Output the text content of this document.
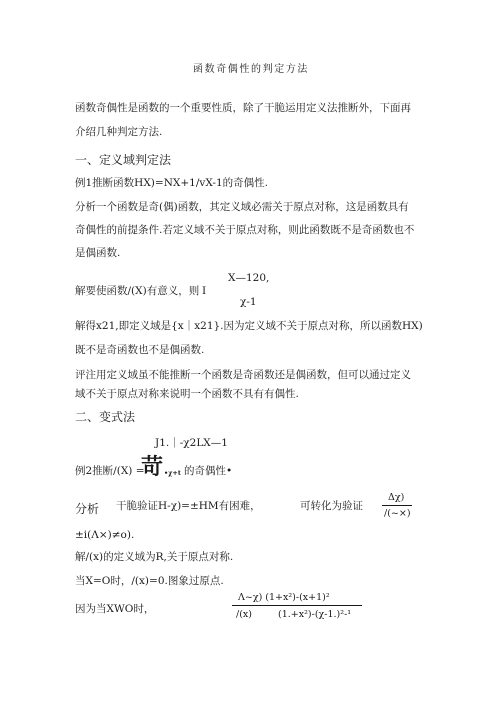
函数奇偶性的判定方法
函数奇偶性是函数的一个重要性质，除了干脆运用定义法推断外，下面再
介绍几种判定方法.
一、定义域判定法
例1推断函数HX)=NX+1/vX-1的奇偶性.
分析一个函数是奇(偶)函数，其定义域必需关于原点对称，这是函数具有
奇偶性的前提条件.若定义域不关于原点对称，则此函数既不是奇函数也不
是偶函数.
X—120,
解要使函数/(X)有意义，则 I
χ-1
解得x21,即定义域是{x｜x21}.因为定义域不关于原点对称，所以函数HX)
既不是奇函数也不是偶函数.
评注用定义域虽不能推断一个函数是奇函数还是偶函数，但可以通过定义
域不关于原点对称来说明一个函数不具有有偶性.
二、变式法
J1.｜-χ2LX—1
例2推断/(X) =
苛 •χ+t 的奇偶性•
分析 干脆验证H-χ)=±HM有困难，	可转化为验证
Δχ)
/(~×)
±i(Λ×)≠o).
解/(x)的定义域为R,关于原点对称.
当X=O时，/(x)=0.图象过原点.
Λ~χ) (1+x²)-(x+1)²
因为当XWO时，	/(x)	(1.+x²)-(χ-1.)²-¹
